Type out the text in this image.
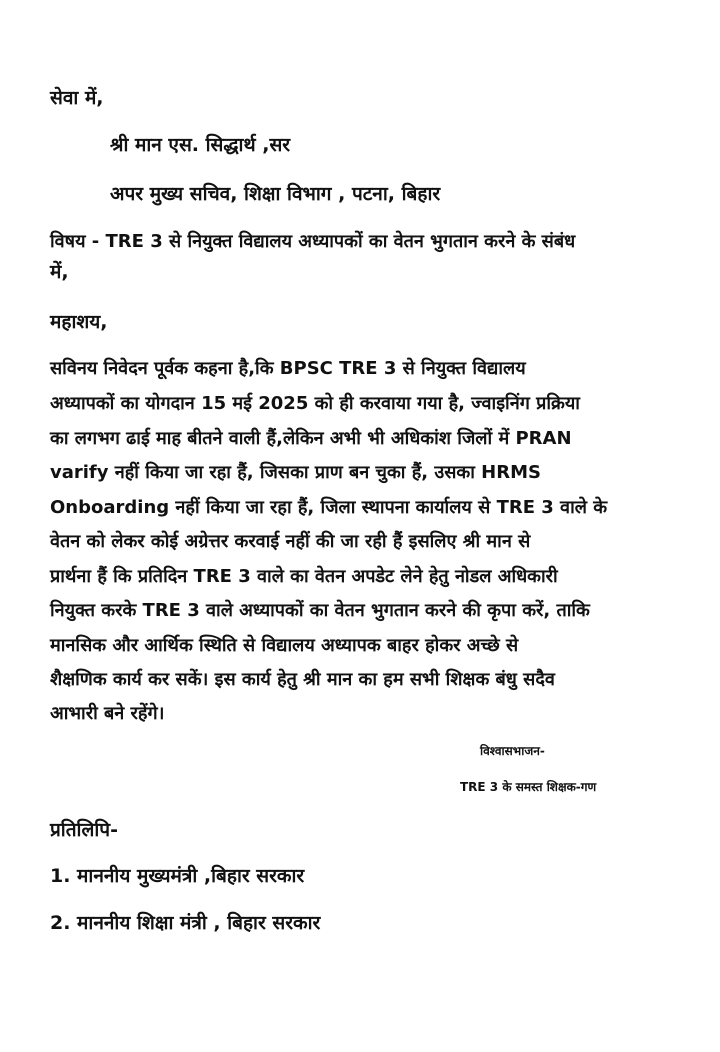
सेवा में,
श्री मान एस. सिद्धार्थ ,सर
अपर मुख्य सचिव, शिक्षा विभाग , पटना, बिहार
विषय - TRE 3 से नियुक्त विद्यालय अध्यापकों का वेतन भुगतान करने के संबंध
में,
महाशय,
सविनय निवेदन पूर्वक कहना है,कि BPSC TRE 3 से नियुक्त विद्यालय
अध्यापकों का योगदान 15 मई 2025 को ही करवाया गया है, ज्वाइनिंग प्रक्रिया
का लगभग ढाई माह बीतने वाली हैं,लेकिन अभी भी अधिकांश जिलों में PRAN
varify नहीं किया जा रहा हैं, जिसका प्राण बन चुका हैं, उसका HRMS
Onboarding नहीं किया जा रहा हैं, जिला स्थापना कार्यालय से TRE 3 वाले के
वेतन को लेकर कोई अग्रेत्तर करवाई नहीं की जा रही हैं इसलिए श्री मान से
प्रार्थना हैं कि प्रतिदिन TRE 3 वाले का वेतन अपडेट लेने हेतु नोडल अधिकारी
नियुक्त करके TRE 3 वाले अध्यापकों का वेतन भुगतान करने की कृपा करें, ताकि
मानसिक और आर्थिक स्थिति से विद्यालय अध्यापक बाहर होकर अच्छे से
शैक्षणिक कार्य कर सकें। इस कार्य हेतु श्री मान का हम सभी शिक्षक बंधु सदैव
आभारी बने रहेंगे।
विश्वासभाजन-
TRE 3 के समस्त शिक्षक-गण
प्रतिलिपि-
1. माननीय मुख्यमंत्री ,बिहार सरकार
2. माननीय शिक्षा मंत्री , बिहार सरकार
